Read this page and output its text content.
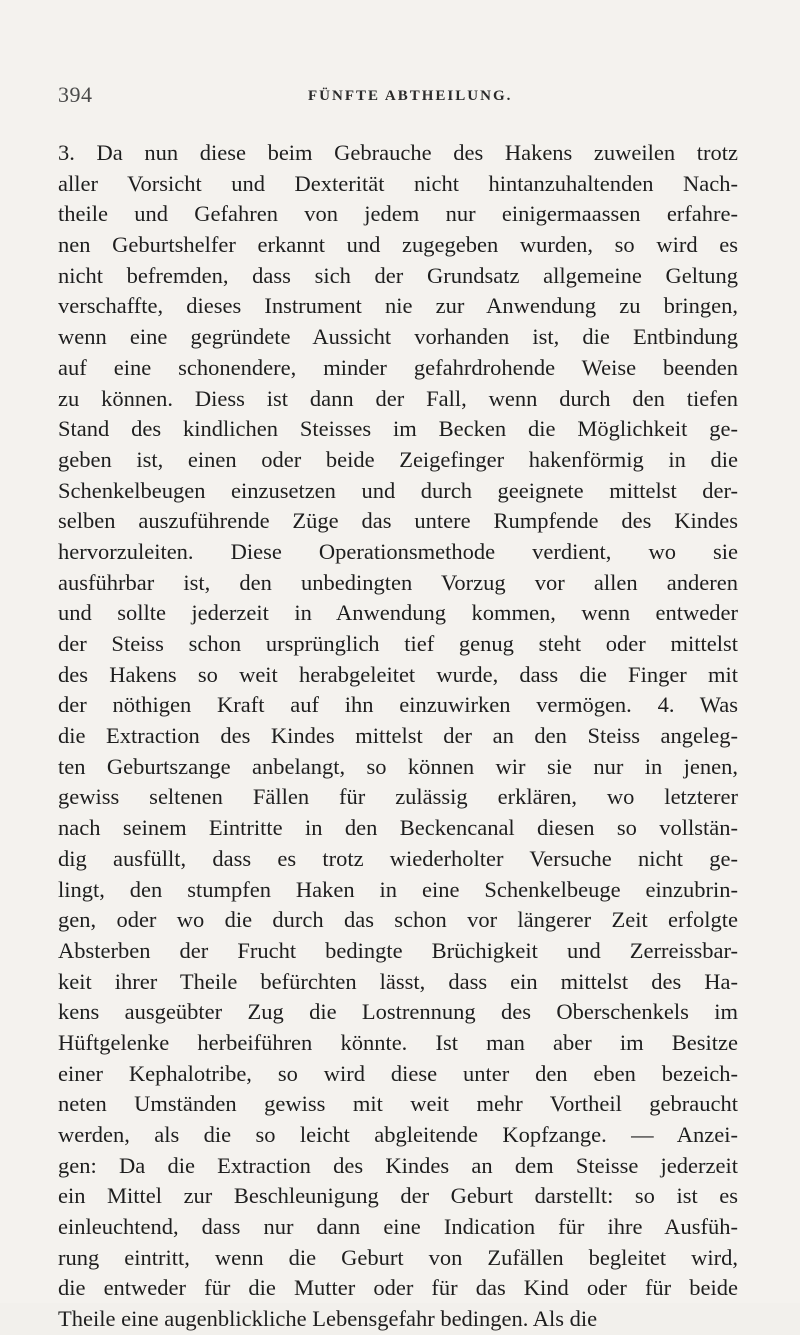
394	FÜNFTE ABTHEILUNG.
3. Da nun diese beim Gebrauche des Hakens zuweilen trotz
aller Vorsicht und Dexterität nicht hintanzuhaltenden Nach-
theile und Gefahren von jedem nur einigermaassen erfahre-
nen Geburtshelfer erkannt und zugegeben wurden, so wird es
nicht befremden, dass sich der Grundsatz allgemeine Geltung
verschaffte, dieses Instrument nie zur Anwendung zu bringen,
wenn eine gegründete Aussicht vorhanden ist, die Entbindung
auf eine schonendere, minder gefahrdrohende Weise beenden
zu können. Diess ist dann der Fall, wenn durch den tiefen
Stand des kindlichen Steisses im Becken die Möglichkeit ge-
geben ist, einen oder beide Zeigefinger hakenförmig in die
Schenkelbeugen einzusetzen und durch geeignete mittelst der-
selben auszuführende Züge das untere Rumpfende des Kindes
hervorzuleiten. Diese Operationsmethode verdient, wo sie
ausführbar ist, den unbedingten Vorzug vor allen anderen
und sollte jederzeit in Anwendung kommen, wenn entweder
der Steiss schon ursprünglich tief genug steht oder mittelst
des Hakens so weit herabgeleitet wurde, dass die Finger mit
der nöthigen Kraft auf ihn einzuwirken vermögen. 4. Was
die Extraction des Kindes mittelst der an den Steiss angeleg-
ten Geburtszange anbelangt, so können wir sie nur in jenen,
gewiss seltenen Fällen für zulässig erklären, wo letzterer
nach seinem Eintritte in den Beckencanal diesen so vollstän-
dig ausfüllt, dass es trotz wiederholter Versuche nicht ge-
lingt, den stumpfen Haken in eine Schenkelbeuge einzubrin-
gen, oder wo die durch das schon vor längerer Zeit erfolgte
Absterben der Frucht bedingte Brüchigkeit und Zerreissbar-
keit ihrer Theile befürchten lässt, dass ein mittelst des Ha-
kens ausgeübter Zug die Lostrennung des Oberschenkels im
Hüftgelenke herbeiführen könnte. Ist man aber im Besitze
einer Kephalotribe, so wird diese unter den eben bezeich-
neten Umständen gewiss mit weit mehr Vortheil gebraucht
werden, als die so leicht abgleitende Kopfzange. — Anzei-
gen: Da die Extraction des Kindes an dem Steisse jederzeit
ein Mittel zur Beschleunigung der Geburt darstellt: so ist es
einleuchtend, dass nur dann eine Indication für ihre Ausfüh-
rung eintritt, wenn die Geburt von Zufällen begleitet wird,
die entweder für die Mutter oder für das Kind oder für beide
Theile eine augenblickliche Lebensgefahr bedingen. Als die
